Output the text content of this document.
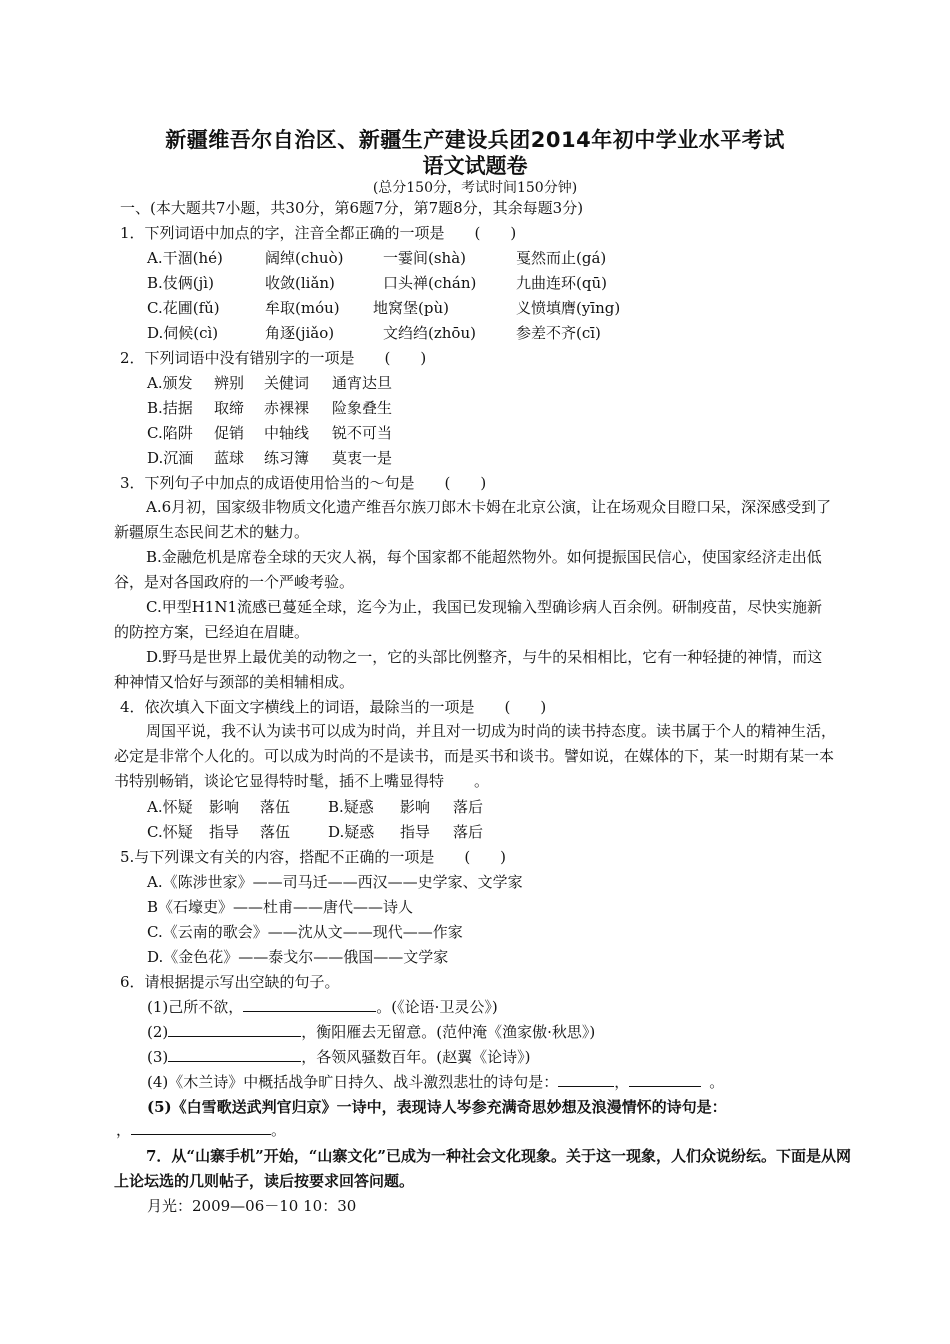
新疆维吾尔自治区、新疆生产建设兵团2014年初中学业水平考试
语文试题卷
(总分150分，考试时间150分钟)
一、(本大题共7小题，共30分，第6题7分，第7题8分，其余每题3分)
1．下列词语中加点的字，注音全都正确的一项是　　(　　)
A.干涸(hé)	阔绰(chuò)	一霎间(shà)	戛然而止(gá)
B.伎俩(jì)	收敛(liǎn)	口头禅(chán)	九曲连环(qū)
C.花圃(fǔ)	牟取(móu) 地窝堡(pù)	义愤填膺(yīng)
D.伺候(cì)	角逐(jiǎo)	文绉绉(zhōu)	参差不齐(cī)
2．下列词语中没有错别字的一项是　　(　　)
A.颁发 辨别 关健词 通宵达旦
B.拮据 取缔 赤裸裸 险象叠生
C.陷阱 促销 中轴线 锐不可当
D.沉湎 蓝球 练习簿 莫衷一是
3．下列句子中加点的成语使用恰当的～句是　　(　　)
A.6月初，国家级非物质文化遗产维吾尔族刀郎木卡姆在北京公演，让在场观众目瞪口呆，深深感受到了新疆原生态民间艺术的魅力。
B.金融危机是席卷全球的天灾人祸，每个国家都不能超然物外。如何提振国民信心，使国家经济走出低谷，是对各国政府的一个严峻考验。
C.甲型H1N1流感已蔓延全球，迄今为止，我国已发现输入型确诊病人百余例。研制疫苗，尽快实施新的防控方案，已经迫在眉睫。
D.野马是世界上最优美的动物之一，它的头部比例整齐，与牛的呆相相比，它有一种轻捷的神情，而这种神情又恰好与颈部的美相辅相成。
4．依次填入下面文字横线上的词语，最除当的一项是　　(　　)
周国平说，我不认为读书可以成为时尚，并且对一切成为时尚的读书持态度。读书属于个人的精神生活，必定是非常个人化的。可以成为时尚的不是读书，而是买书和谈书。譬如说，在媒体的下，某一时期有某一本书特别畅销，谈论它显得特时髦，插不上嘴显得特　　。
A.怀疑 影响 落伍	B.疑惑 影响 落后
C.怀疑 指导 落伍	D.疑惑 指导 落后
5.与下列课文有关的内容，搭配不正确的一项是　　(　　)
A.《陈涉世家》——司马迁——西汉——史学家、文学家
B《石壕吏》——杜甫——唐代——诗人
C.《云南的歌会》——沈从文——现代——作家
D.《金色花》——泰戈尔——俄国——文学家
6．请根据提示写出空缺的句子。
(1)己所不欲，	。(《论语·卫灵公》)
(2)	，衡阳雁去无留意。(范仲淹《渔家傲·秋思》)
(3)	，各领风骚数百年。(赵翼《论诗》)
(4)《木兰诗》中概括战争旷日持久、战斗激烈悲壮的诗句是：	，	。
(5)《白雪歌送武判官归京》一诗中，表现诗人岑参充满奇思妙想及浪漫情怀的诗句是：
，	。
7．从“山寨手机”开始，“山寨文化”已成为一种社会文化现象。关于这一现象，人们众说纷纭。下面是从网上论坛选的几则帖子，读后按要求回答问题。
月光：2009—06－10 10：30
